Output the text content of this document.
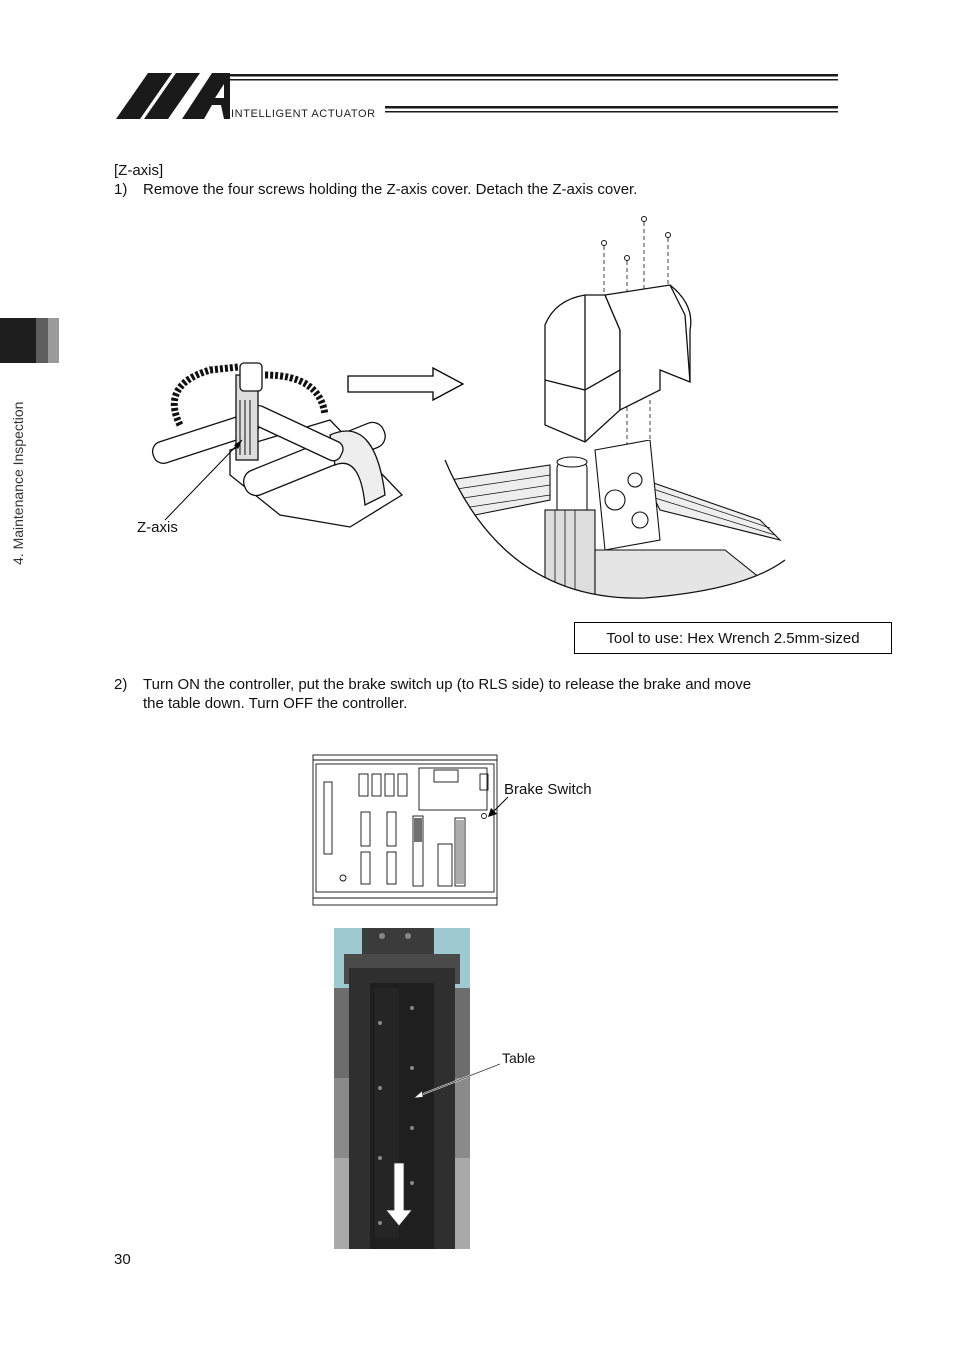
INTELLIGENT ACTUATOR
4. Maintenance Inspection
[Z-axis]
1) Remove the four screws holding the Z-axis cover. Detach the Z-axis cover.
Z-axis
Tool to use: Hex Wrench 2.5mm-sized
2) Turn ON the controller, put the brake switch up (to RLS side) to release the brake and move
the table down. Turn OFF the controller.
Brake Switch
Table
30
